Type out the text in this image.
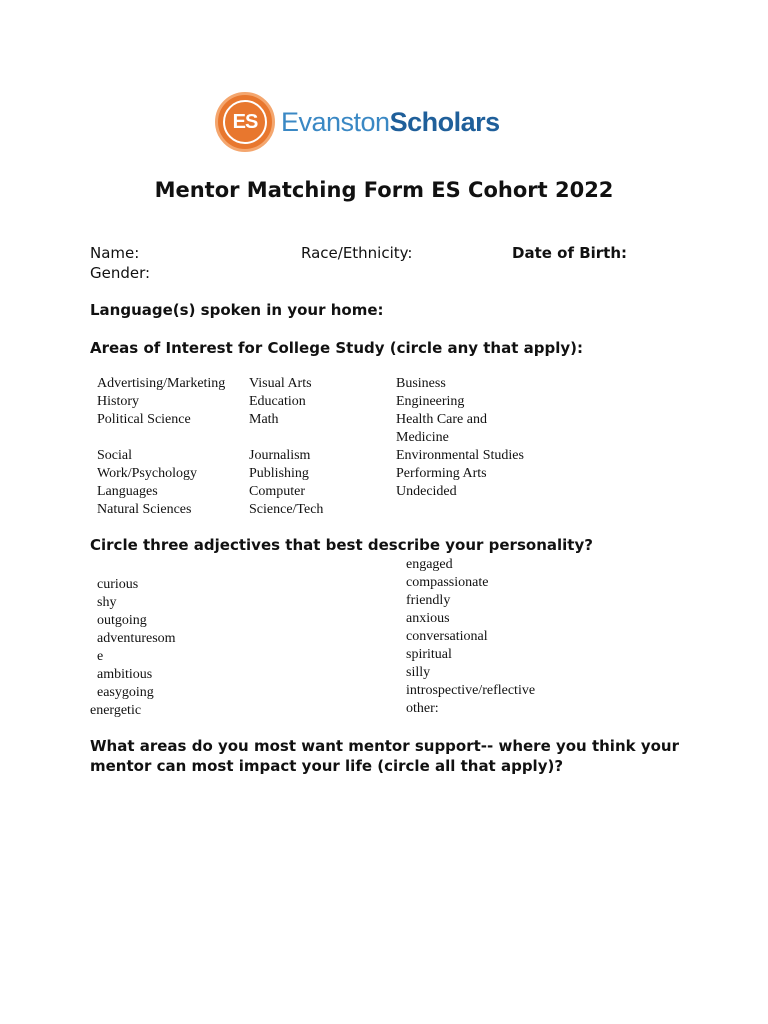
ES EvanstonScholars
Mentor Matching Form ES Cohort 2022
Name:	Race/Ethnicity:	Date of Birth:
Gender:
Language(s) spoken in your home:
Areas of Interest for College Study (circle any that apply):
Advertising/Marketing
History
Political Science
Social
Work/Psychology
Languages
Natural Sciences
Visual Arts
Education
Math
Journalism
Publishing
Computer
Science/Tech
Business
Engineering
Health Care and
Medicine
Environmental Studies
Performing Arts
Undecided
Circle three adjectives that best describe your personality?
curious
shy
outgoing
adventuresom
e
ambitious
easygoing
energetic
engaged
compassionate
friendly
anxious
conversational
spiritual
silly
introspective/reflective
other:
What areas do you most want mentor support-- where you think your
mentor can most impact your life (circle all that apply)?
